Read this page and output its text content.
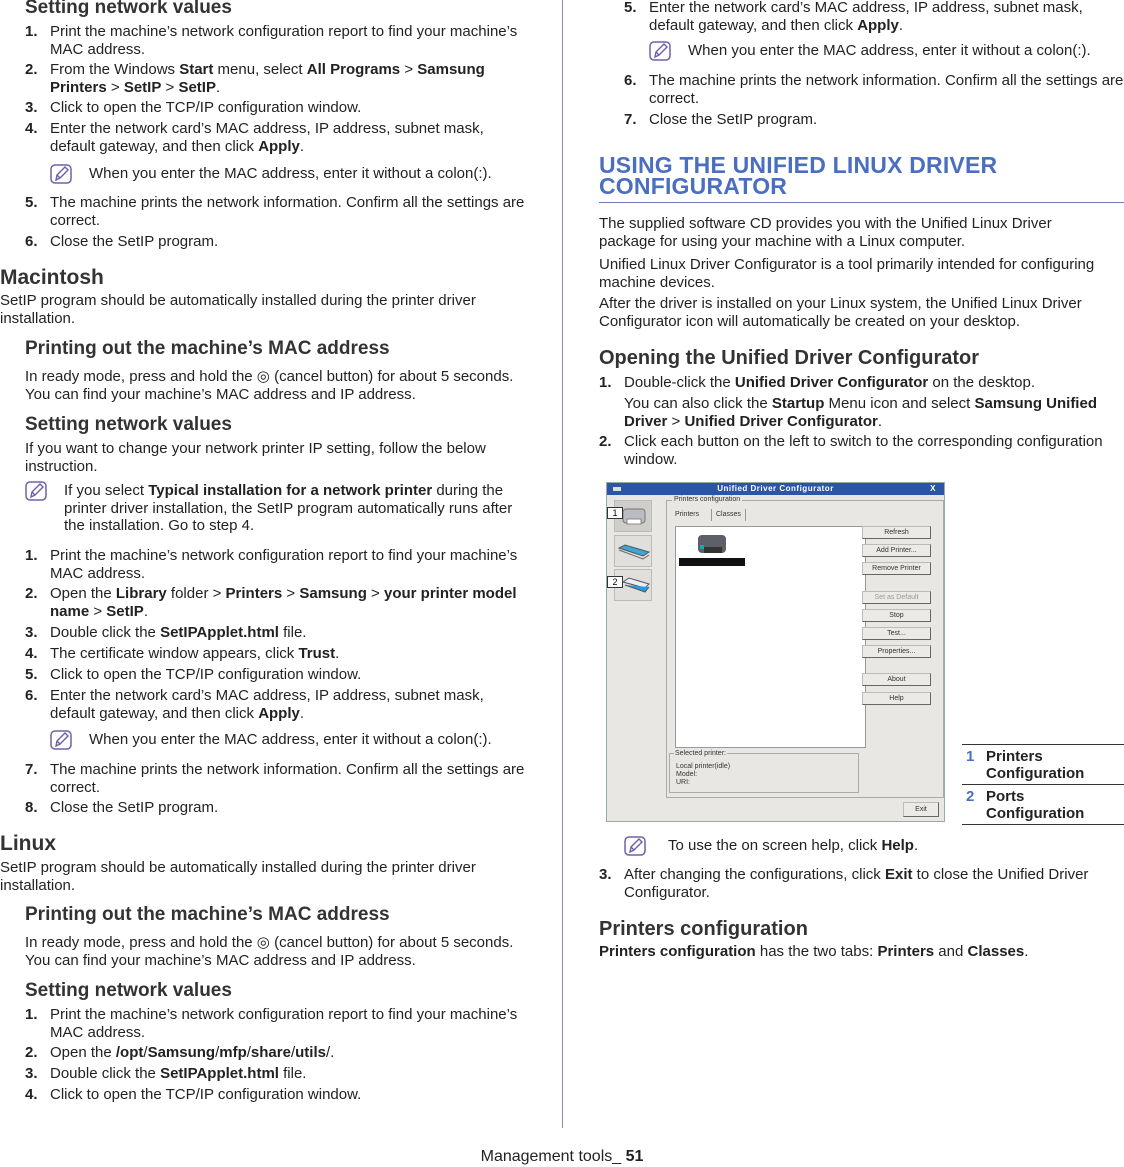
Setting network values
When you enter the MAC address, enter it without a colon(:).
Macintosh
SetIP program should be automatically installed during the printer driver installation.
Printing out the machine’s MAC address
In ready mode, press and hold the ◎ (cancel button) for about 5 seconds. You can find your machine’s MAC address and IP address.
Setting network values
If you want to change your network printer IP setting, follow the below instruction.
If you select Typical installation for a network printer during the printer driver installation, the SetIP program automatically runs after the installation. Go to step 4.
When you enter the MAC address, enter it without a colon(:).
Linux
SetIP program should be automatically installed during the printer driver installation.
Printing out the machine’s MAC address
In ready mode, press and hold the ◎ (cancel button) for about 5 seconds. You can find your machine’s MAC address and IP address.
Setting network values
When you enter the MAC address, enter it without a colon(:).
USING THE UNIFIED LINUX DRIVER CONFIGURATOR
The supplied software CD provides you with the Unified Linux Driver package for using your machine with a Linux computer.
Unified Linux Driver Configurator is a tool primarily intended for configuring machine devices.
After the driver is installed on your Linux system, the Unified Linux Driver Configurator icon will automatically be created on your desktop.
Opening the Unified Driver Configurator
1. Double-click the Unified Driver Configurator on the desktop.
You can also click the Startup Menu icon and select Samsung Unified Driver > Unified Driver Configurator.
2. Click each button on the left to switch to the corresponding configuration window.
Unified Driver Configurator	X
1
2
Printers configuration
Printers	Classes
Refresh
Add Printer...
Remove Printer
Set as Default
Stop
Test...
Properties...
About
Help
Selected printer:
Local printer(idle)
Model:
URI:
Exit
1 Printers Configuration
2 Ports Configuration
To use the on screen help, click Help.
3. After changing the configurations, click Exit to close the Unified Driver Configurator.
Printers configuration
Printers configuration has the two tabs: Printers and Classes.
Management tools_ 51
1. Print the machine’s network configuration report to find your machine’s MAC address.
2. From the Windows Start menu, select All Programs > Samsung Printers > SetIP > SetIP.
3. Click to open the TCP/IP configuration window.
4. Enter the network card’s MAC address, IP address, subnet mask, default gateway, and then click Apply.
5. The machine prints the network information. Confirm all the settings are correct.
6. Close the SetIP program.
1. Print the machine’s network configuration report to find your machine’s MAC address.
2. Open the Library folder > Printers > Samsung > your printer model name > SetIP.
3. Double click the SetIPApplet.html file.
4. The certificate window appears, click Trust.
5. Click to open the TCP/IP configuration window.
6. Enter the network card’s MAC address, IP address, subnet mask, default gateway, and then click Apply.
7. The machine prints the network information. Confirm all the settings are correct.
8. Close the SetIP program.
1. Print the machine’s network configuration report to find your machine’s MAC address.
2. Open the /opt/Samsung/mfp/share/utils/.
3. Double click the SetIPApplet.html file.
4. Click to open the TCP/IP configuration window.
5. Enter the network card’s MAC address, IP address, subnet mask, default gateway, and then click Apply.
6. The machine prints the network information. Confirm all the settings are correct.
7. Close the SetIP program.
